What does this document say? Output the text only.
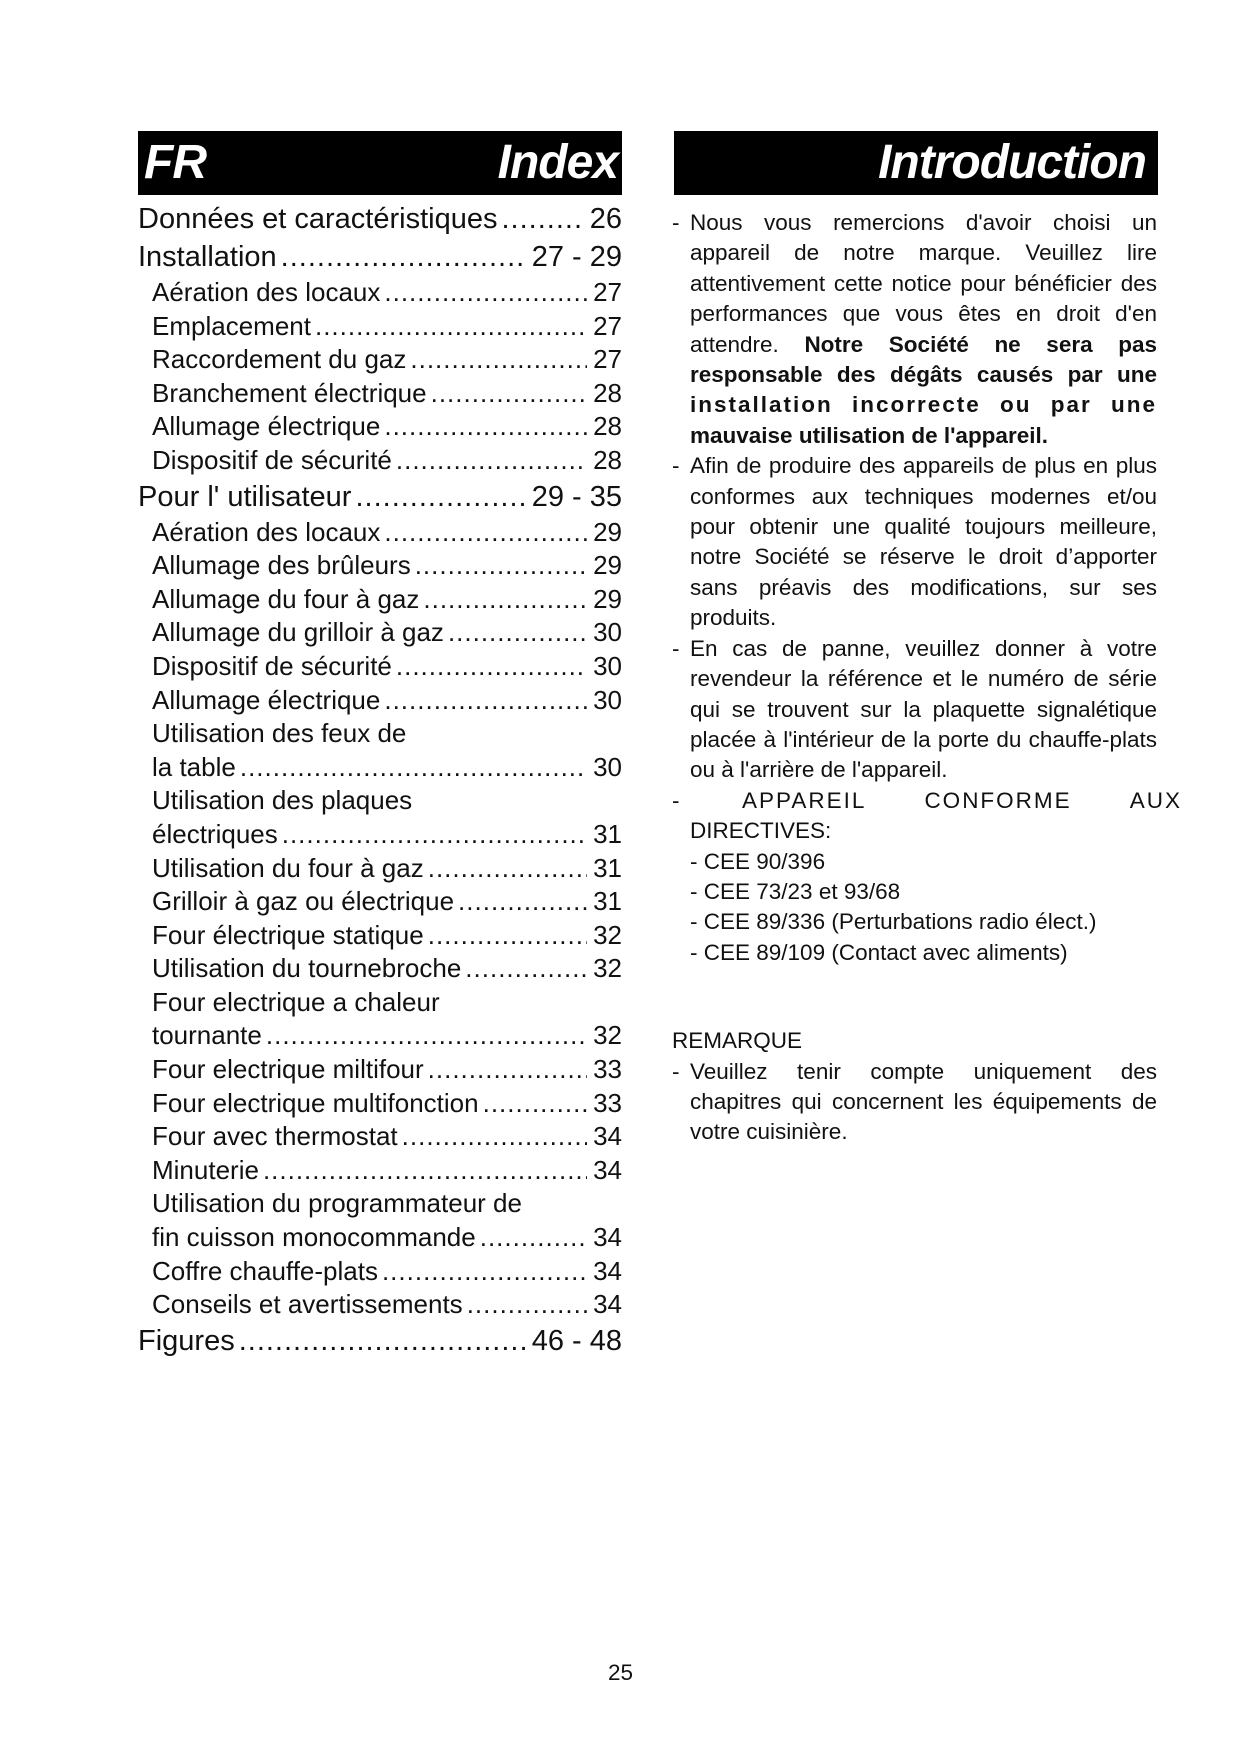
FR	Index	Introduction
Données et caractéristiques .....	26
Installation .....	27 - 29
Aération des locaux .....	27
Emplacement .....	27
Raccordement du gaz .....	27
Branchement électrique .....	28
Allumage électrique .....	28
Dispositif de sécurité .....	28
Pour l' utilisateur .....	29 - 35
Aération des locaux .....	29
Allumage des brûleurs .....	29
Allumage du four à gaz .....	29
Allumage du grilloir à gaz .....	30
Dispositif de sécurité .....	30
Allumage électrique .....	30
Utilisation des feux de
la table .....	30
Utilisation des plaques
électriques .....	31
Utilisation du four à gaz .....	31
Grilloir à gaz ou électrique .....	31
Four électrique statique .....	32
Utilisation du tournebroche .....	32
Four electrique a chaleur
tournante .....	32
Four electrique miltifour .....	33
Four electrique multifonction .....	33
Four avec thermostat .....	34
Minuterie .....	34
Utilisation du programmateur de
fin cuisson monocommande .....	34
Coffre chauffe-plats .....	34
Conseils et avertissements .....	34
Figures .....	46 - 48
- Nous vous remercions d'avoir choisi un appareil de notre marque. Veuillez lire attentivement cette notice pour bénéficier des performances que vous êtes en droit d'en attendre. Notre Société ne sera pas responsable des dégâts causés par une installation incorrecte ou par une mauvaise utilisation de l'appareil.
- Afin de produire des appareils de plus en plus conformes aux techniques modernes et/ou pour obtenir une qualité toujours meilleure, notre Société se réserve le droit d’apporter sans préavis des modifications, sur ses produits.
- En cas de panne, veuillez donner à votre revendeur la référence et le numéro de série qui se trouvent sur la plaquette signalétique placée à l'intérieur de la porte du chauffe-plats ou à l'arrière de l'appareil.
-	APPAREIL	CONFORME	AUX
DIRECTIVES:
- CEE 90/396
- CEE 73/23 et 93/68
- CEE 89/336 (Perturbations radio élect.)
- CEE 89/109 (Contact avec aliments)
REMARQUE
- Veuillez tenir compte uniquement des chapitres qui concernent les équipements de votre cuisinière.
25
